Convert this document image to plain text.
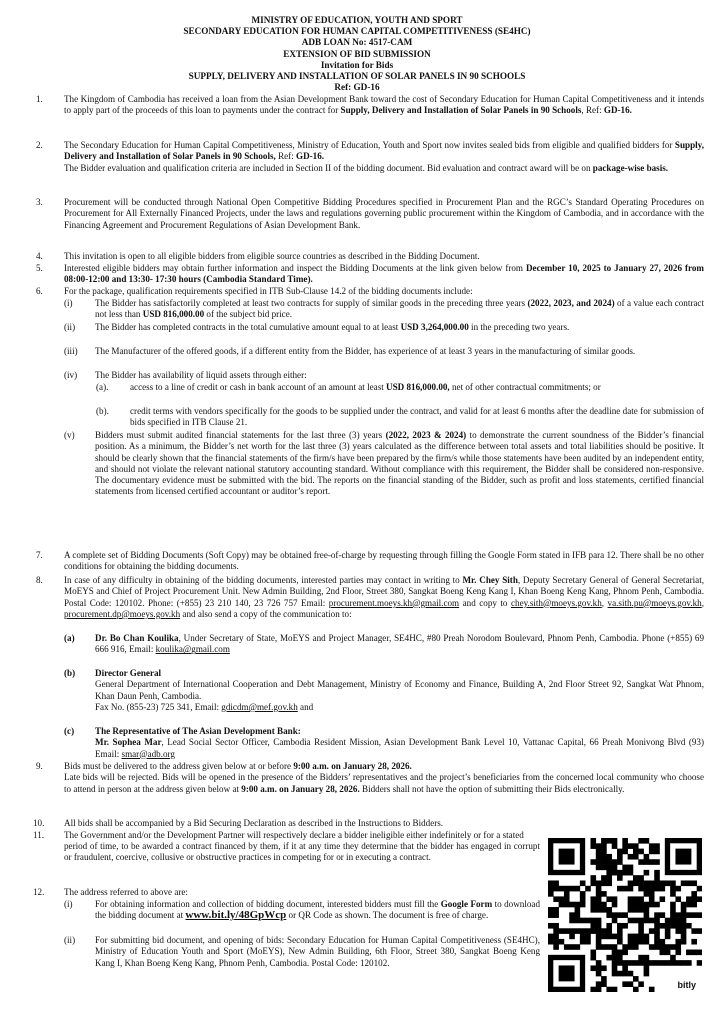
MINISTRY OF EDUCATION, YOUTH AND SPORT
SECONDARY EDUCATION FOR HUMAN CAPITAL COMPETITIVENESS (SE4HC)
ADB LOAN No: 4517-CAM
EXTENSION OF BID SUBMISSION
Invitation for Bids
SUPPLY, DELIVERY AND INSTALLATION OF SOLAR PANELS IN 90 SCHOOLS
Ref: GD-16
1. The Kingdom of Cambodia has received a loan from the Asian Development Bank toward the cost of Secondary Education for Human Capital Competitiveness and it intends to apply part of the proceeds of this loan to payments under the contract for Supply, Delivery and Installation of Solar Panels in 90 Schools, Ref: GD-16.
2. The Secondary Education for Human Capital Competitiveness, Ministry of Education, Youth and Sport now invites sealed bids from eligible and qualified bidders for Supply, Delivery and Installation of Solar Panels in 90 Schools, Ref: GD-16.
The Bidder evaluation and qualification criteria are included in Section II of the bidding document. Bid evaluation and contract award will be on package-wise basis.
3. Procurement will be conducted through National Open Competitive Bidding Procedures specified in Procurement Plan and the RGC’s Standard Operating Procedures on Procurement for All Externally Financed Projects, under the laws and regulations governing public procurement within the Kingdom of Cambodia, and in accordance with the Financing Agreement and Procurement Regulations of Asian Development Bank.
4. This invitation is open to all eligible bidders from eligible source countries as described in the Bidding Document.
5. Interested eligible bidders may obtain further information and inspect the Bidding Documents at the link given below from December 10, 2025 to January 27, 2026 from 08:00-12:00 and 13:30- 17:30 hours (Cambodia Standard Time).
6. For the package, qualification requirements specified in ITB Sub-Clause 14.2 of the bidding documents include:
(i) The Bidder has satisfactorily completed at least two contracts for supply of similar goods in the preceding three years (2022, 2023, and 2024) of a value each contract not less than USD 816,000.00 of the subject bid price.
(ii) The Bidder has completed contracts in the total cumulative amount equal to at least USD 3,264,000.00 in the preceding two years.
(iii) The Manufacturer of the offered goods, if a different entity from the Bidder, has experience of at least 3 years in the manufacturing of similar goods.
(iv) The Bidder has availability of liquid assets through either:
(a). access to a line of credit or cash in bank account of an amount at least USD 816,000.00, net of other contractual commitments; or
(b). credit terms with vendors specifically for the goods to be supplied under the contract, and valid for at least 6 months after the deadline date for submission of bids specified in ITB Clause 21.
(v) Bidders must submit audited financial statements for the last three (3) years (2022, 2023 & 2024) to demonstrate the current soundness of the Bidder’s financial position. As a minimum, the Bidder’s net worth for the last three (3) years calculated as the difference between total assets and total liabilities should be positive. It should be clearly shown that the financial statements of the firm/s have been prepared by the firm/s while those statements have been audited by an independent entity, and should not violate the relevant national statutory accounting standard. Without compliance with this requirement, the Bidder shall be considered non-responsive. The documentary evidence must be submitted with the bid. The reports on the financial standing of the Bidder, such as profit and loss statements, certified financial statements from licensed certified accountant or auditor’s report.
7. A complete set of Bidding Documents (Soft Copy) may be obtained free-of-charge by requesting through filling the Google Form stated in IFB para 12. There shall be no other conditions for obtaining the bidding documents.
8. In case of any difficulty in obtaining of the bidding documents, interested parties may contact in writing to Mr. Chey Sith, Deputy Secretary General of General Secretariat, MoEYS and Chief of Project Procurement Unit. New Admin Building, 2nd Floor, Street 380, Sangkat Boeng Keng Kang I, Khan Boeng Keng Kang, Phnom Penh, Cambodia. Postal Code: 120102. Phone: (+855) 23 210 140, 23 726 757 Email: procurement.moeys.kh@gmail.com and copy to chey.sith@moeys.gov.kh, va.sith.pu@moeys.gov.kh, procurement.dp@moeys.gov.kh and also send a copy of the communication to:
(a) Dr. Bo Chan Koulika, Under Secretary of State, MoEYS and Project Manager, SE4HC, #80 Preah Norodom Boulevard, Phnom Penh, Cambodia. Phone (+855) 69 666 916, Email: koulika@gmail.com
(b) Director General
General Department of International Cooperation and Debt Management, Ministry of Economy and Finance, Building A, 2nd Floor Street 92, Sangkat Wat Phnom, Khan Daun Penh, Cambodia.
Fax No. (855-23) 725 341, Email: gdicdm@mef.gov.kh and
(c) The Representative of The Asian Development Bank:
Mr. Sophea Mar, Lead Social Sector Officer, Cambodia Resident Mission, Asian Development Bank Level 10, Vattanac Capital, 66 Preah Monivong Blvd (93) Email: smar@adb.org
9. Bids must be delivered to the address given below at or before 9:00 a.m. on January 28, 2026.
Late bids will be rejected. Bids will be opened in the presence of the Bidders’ representatives and the project’s beneficiaries from the concerned local community who choose to attend in person at the address given below at 9:00 a.m. on January 28, 2026. Bidders shall not have the option of submitting their Bids electronically.
10. All bids shall be accompanied by a Bid Securing Declaration as described in the Instructions to Bidders.
11. The Government and/or the Development Partner will respectively declare a bidder ineligible either indefinitely or for a stated
period of time, to be awarded a contract financed by them, if it at any time they determine that the bidder has engaged in corrupt or fraudulent, coercive, collusive or obstructive practices in competing for or in executing a contract.
12. The address referred to above are:
(i) For obtaining information and collection of bidding document, interested bidders must fill the Google Form to download the bidding document at www.bit.ly/48GpWcp or QR Code as shown. The document is free of charge.
(ii) For submitting bid document, and opening of bids: Secondary Education for Human Capital Competitiveness (SE4HC), Ministry of Education Youth and Sport (MoEYS), New Admin Building, 6th Floor, Street 380, Sangkat Boeng Keng Kang I, Khan Boeng Keng Kang, Phnom Penh, Cambodia. Postal Code: 120102.
bitly
